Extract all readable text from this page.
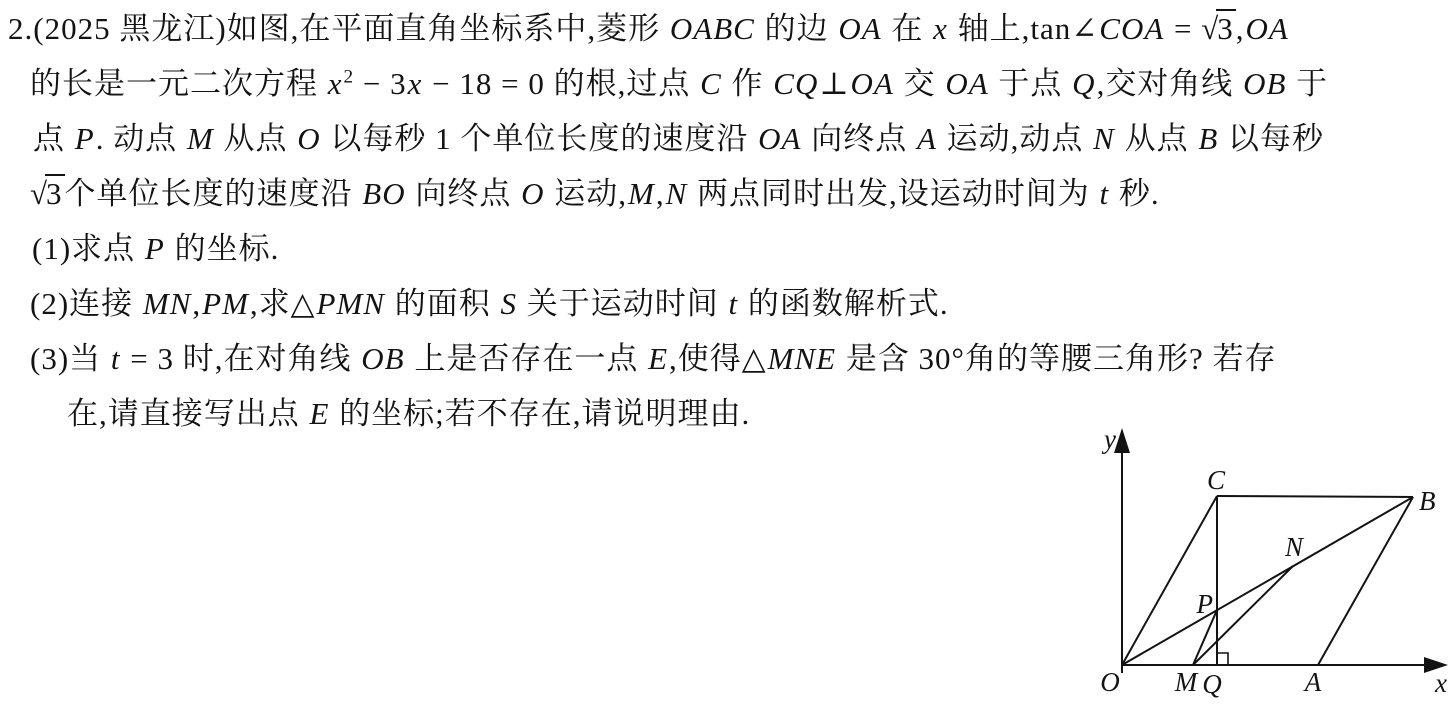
2.(2025 黑龙江)如图,在平面直角坐标系中,菱形 OABC 的边 OA 在 x 轴上,tan∠COA = √3,OA
的长是一元二次方程 $x^2 - 3x - 18 = 0$ 的根,过点 C 作 CQ⊥OA 交 OA 于点 Q,交对角线 OB 于
点 P. 动点 M 从点 O 以每秒 1 个单位长度的速度沿 OA 向终点 A 运动,动点 N 从点 B 以每秒
√3个单位长度的速度沿 BO 向终点 O 运动,M,N 两点同时出发,设运动时间为 t 秒.
(1)求点 P 的坐标.
(2)连接 MN,PM,求△PMN 的面积 S 关于运动时间 t 的函数解析式.
(3)当 t = 3 时,在对角线 OB 上是否存在一点 E,使得△MNE 是含 30°角的等腰三角形? 若存
在,请直接写出点 E 的坐标;若不存在,请说明理由.
y
x
O
C
B
A
M Q
P
N
